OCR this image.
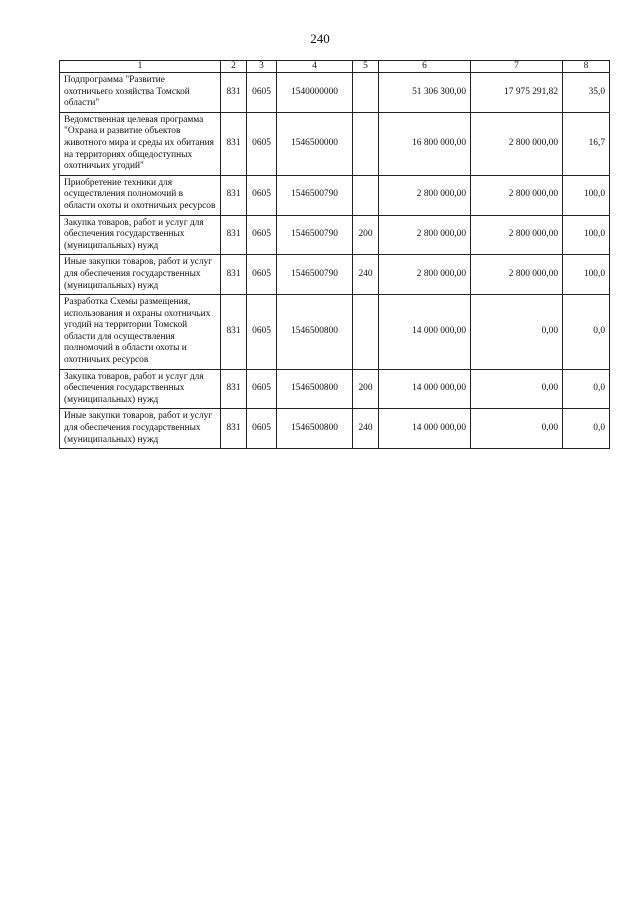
240
1	2	3	4	5	6	7	8
Подпрограмма "Развитие охотничьего хозяйства Томской области"	831	0605	1540000000		51 306 300,00	17 975 291,82	35,0
Ведомственная целевая программа "Охрана и развитие объектов животного мира и среды их обитания на территориях общедоступных охотничьих угодий"	831	0605	1546500000		16 800 000,00	2 800 000,00	16,7
Приобретение техники для осуществления полномочий в области охоты и охотничьих ресурсов	831	0605	1546500790		2 800 000,00	2 800 000,00	100,0
Закупка товаров, работ и услуг для обеспечения государственных (муниципальных) нужд	831	0605	1546500790	200	2 800 000,00	2 800 000,00	100,0
Иные закупки товаров, работ и услуг для обеспечения государственных (муниципальных) нужд	831	0605	1546500790	240	2 800 000,00	2 800 000,00	100,0
Разработка Схемы размещения, использования и охраны охотничьих угодий на территории Томской области для осуществления полномочий в области охоты и охотничьих ресурсов	831	0605	1546500800		14 000 000,00	0,00	0,0
Закупка товаров, работ и услуг для обеспечения государственных (муниципальных) нужд	831	0605	1546500800	200	14 000 000,00	0,00	0,0
Иные закупки товаров, работ и услуг для обеспечения государственных (муниципальных) нужд	831	0605	1546500800	240	14 000 000,00	0,00	0,0
